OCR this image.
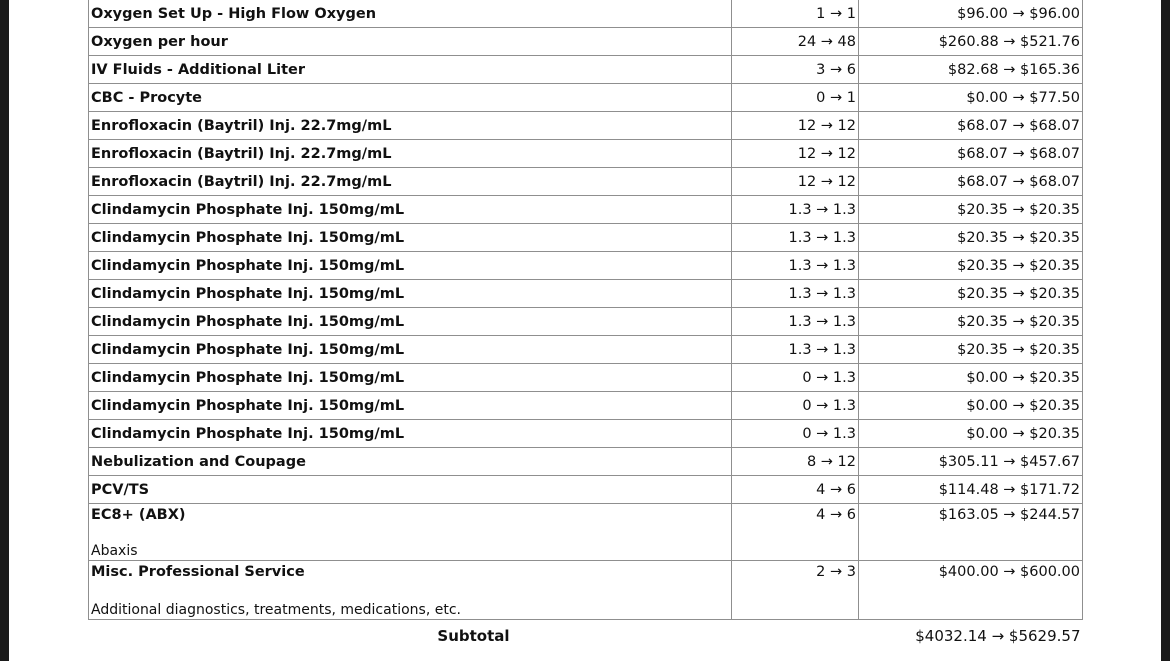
Oxygen Set Up - High Flow Oxygen	1 → 1	$96.00 → $96.00
Oxygen per hour	24 → 48	$260.88 → $521.76
IV Fluids - Additional Liter	3 → 6	$82.68 → $165.36
CBC - Procyte	0 → 1	$0.00 → $77.50
Enrofloxacin (Baytril) Inj. 22.7mg/mL	12 → 12	$68.07 → $68.07
Enrofloxacin (Baytril) Inj. 22.7mg/mL	12 → 12	$68.07 → $68.07
Enrofloxacin (Baytril) Inj. 22.7mg/mL	12 → 12	$68.07 → $68.07
Clindamycin Phosphate Inj. 150mg/mL	1.3 → 1.3	$20.35 → $20.35
Clindamycin Phosphate Inj. 150mg/mL	1.3 → 1.3	$20.35 → $20.35
Clindamycin Phosphate Inj. 150mg/mL	1.3 → 1.3	$20.35 → $20.35
Clindamycin Phosphate Inj. 150mg/mL	1.3 → 1.3	$20.35 → $20.35
Clindamycin Phosphate Inj. 150mg/mL	1.3 → 1.3	$20.35 → $20.35
Clindamycin Phosphate Inj. 150mg/mL	1.3 → 1.3	$20.35 → $20.35
Clindamycin Phosphate Inj. 150mg/mL	0 → 1.3	$0.00 → $20.35
Clindamycin Phosphate Inj. 150mg/mL	0 → 1.3	$0.00 → $20.35
Clindamycin Phosphate Inj. 150mg/mL	0 → 1.3	$0.00 → $20.35
Nebulization and Coupage	8 → 12	$305.11 → $457.67
PCV/TS	4 → 6	$114.48 → $171.72
EC8+ (ABX)
Abaxis	4 → 6	$163.05 → $244.57
Misc. Professional Service
Additional diagnostics, treatments, medications, etc.	2 → 3	$400.00 → $600.00
Subtotal		$4032.14 → $5629.57
